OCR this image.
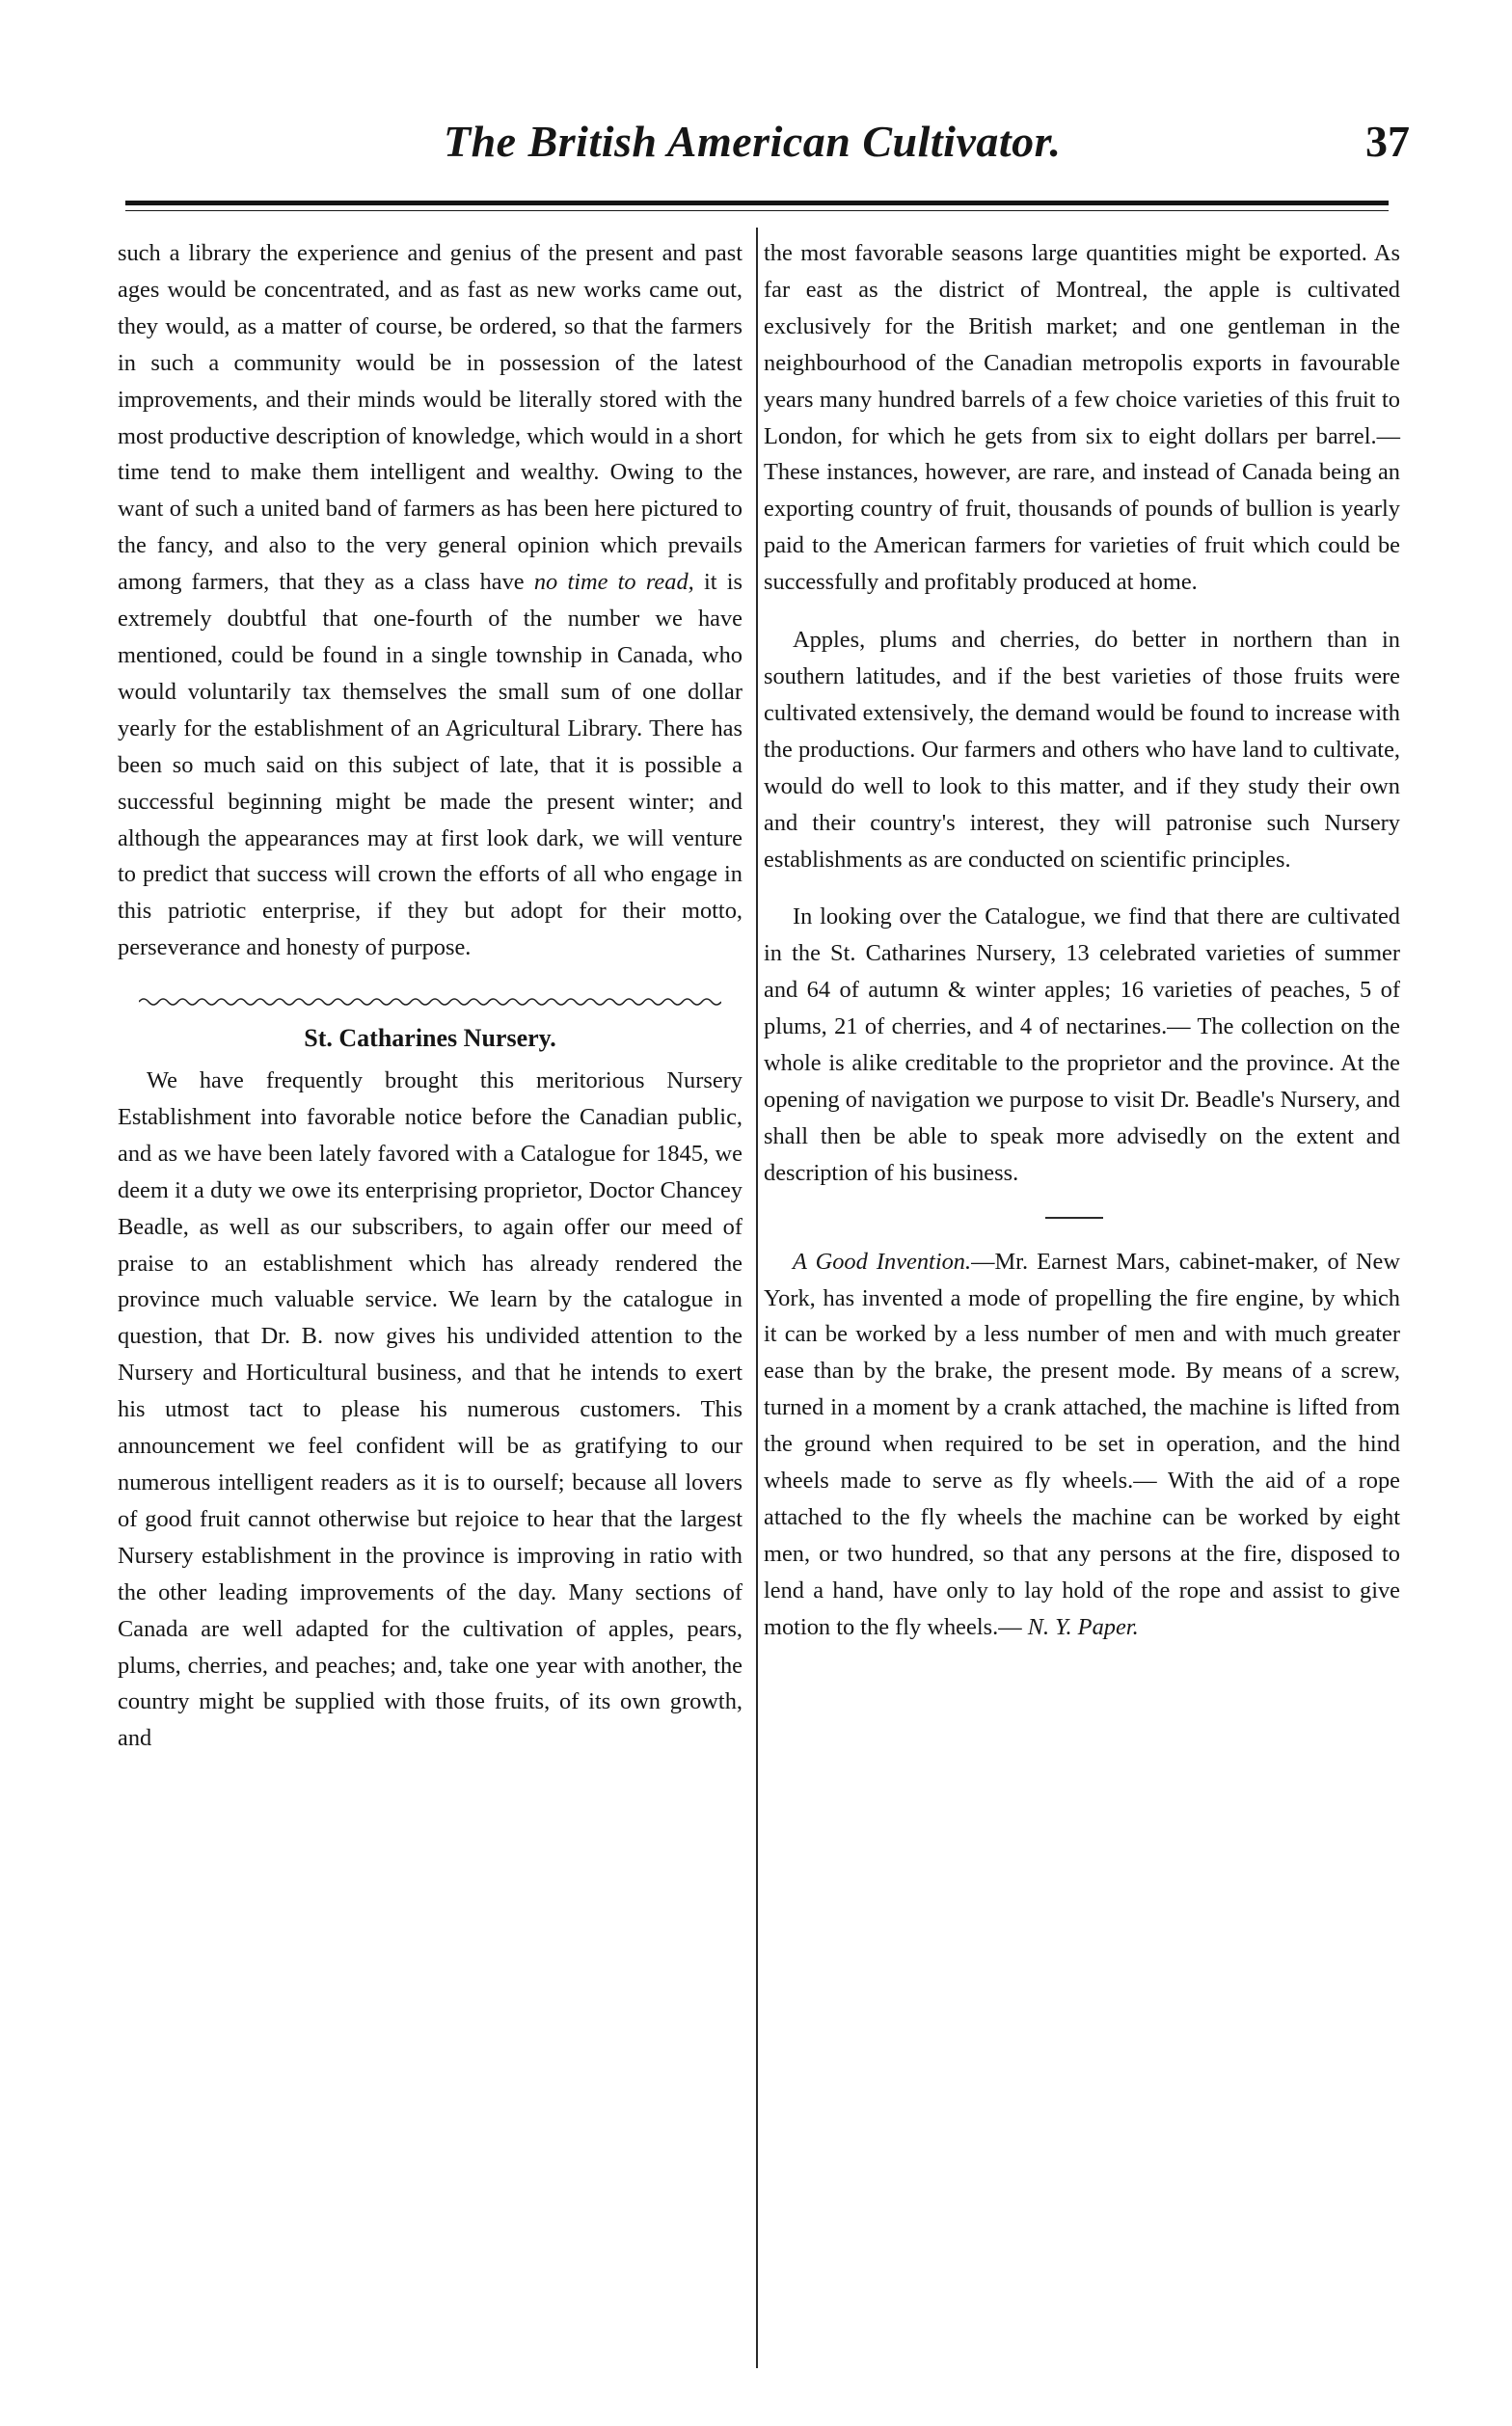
The British American Cultivator.	37

such a library the experience and genius of the present and past ages would be concentrated, and as fast as new works came out, they would, as a matter of course, be ordered, so that the farmers in such a community would be in possession of the latest improvements, and their minds would be literally stored with the most productive description of knowledge, which would in a short time tend to make them intelligent and wealthy. Owing to the want of such a united band of farmers as has been here pictured to the fancy, and also to the very general opinion which prevails among farmers, that they as a class have no time to read, it is extremely doubtful that one-fourth of the number we have mentioned, could be found in a single township in Canada, who would voluntarily tax themselves the small sum of one dollar yearly for the establishment of an Agricultural Library. There has been so much said on this subject of late, that it is possible a successful beginning might be made the present winter; and although the appearances may at first look dark, we will venture to predict that success will crown the efforts of all who engage in this patriotic enterprise, if they but adopt for their motto, perseverance and honesty of purpose.

St. Catharines Nursery.

We have frequently brought this meritorious Nursery Establishment into favorable notice before the Canadian public, and as we have been lately favored with a Catalogue for 1845, we deem it a duty we owe its enterprising proprietor, Doctor Chancey Beadle, as well as our subscribers, to again offer our meed of praise to an establishment which has already rendered the province much valuable service. We learn by the catalogue in question, that Dr. B. now gives his undivided attention to the Nursery and Horticultural business, and that he intends to exert his utmost tact to please his numerous customers. This announcement we feel confident will be as gratifying to our numerous intelligent readers as it is to ourself; because all lovers of good fruit cannot otherwise but rejoice to hear that the largest Nursery establishment in the province is improving in ratio with the other leading improvements of the day. Many sections of Canada are well adapted for the cultivation of apples, pears, plums, cherries, and peaches; and, take one year with another, the country might be supplied with those fruits, of its own growth, and

the most favorable seasons large quantities might be exported. As far east as the district of Montreal, the apple is cultivated exclusively for the British market; and one gentleman in the neighbourhood of the Canadian metropolis exports in favourable years many hundred barrels of a few choice varieties of this fruit to London, for which he gets from six to eight dollars per barrel.— These instances, however, are rare, and instead of Canada being an exporting country of fruit, thousands of pounds of bullion is yearly paid to the American farmers for varieties of fruit which could be successfully and profitably produced at home.

Apples, plums and cherries, do better in northern than in southern latitudes, and if the best varieties of those fruits were cultivated extensively, the demand would be found to increase with the productions. Our farmers and others who have land to cultivate, would do well to look to this matter, and if they study their own and their country's interest, they will patronise such Nursery establishments as are conducted on scientific principles.

In looking over the Catalogue, we find that there are cultivated in the St. Catharines Nursery, 13 celebrated varieties of summer and 64 of autumn & winter apples; 16 varieties of peaches, 5 of plums, 21 of cherries, and 4 of nectarines.— The collection on the whole is alike creditable to the proprietor and the province. At the opening of navigation we purpose to visit Dr. Beadle's Nursery, and shall then be able to speak more advisedly on the extent and description of his business.

A Good Invention.—Mr. Earnest Mars, cabinet-maker, of New York, has invented a mode of propelling the fire engine, by which it can be worked by a less number of men and with much greater ease than by the brake, the present mode. By means of a screw, turned in a moment by a crank attached, the machine is lifted from the ground when required to be set in operation, and the hind wheels made to serve as fly wheels.— With the aid of a rope attached to the fly wheels the machine can be worked by eight men, or two hundred, so that any persons at the fire, disposed to lend a hand, have only to lay hold of the rope and assist to give motion to the fly wheels.— N. Y. Paper.
